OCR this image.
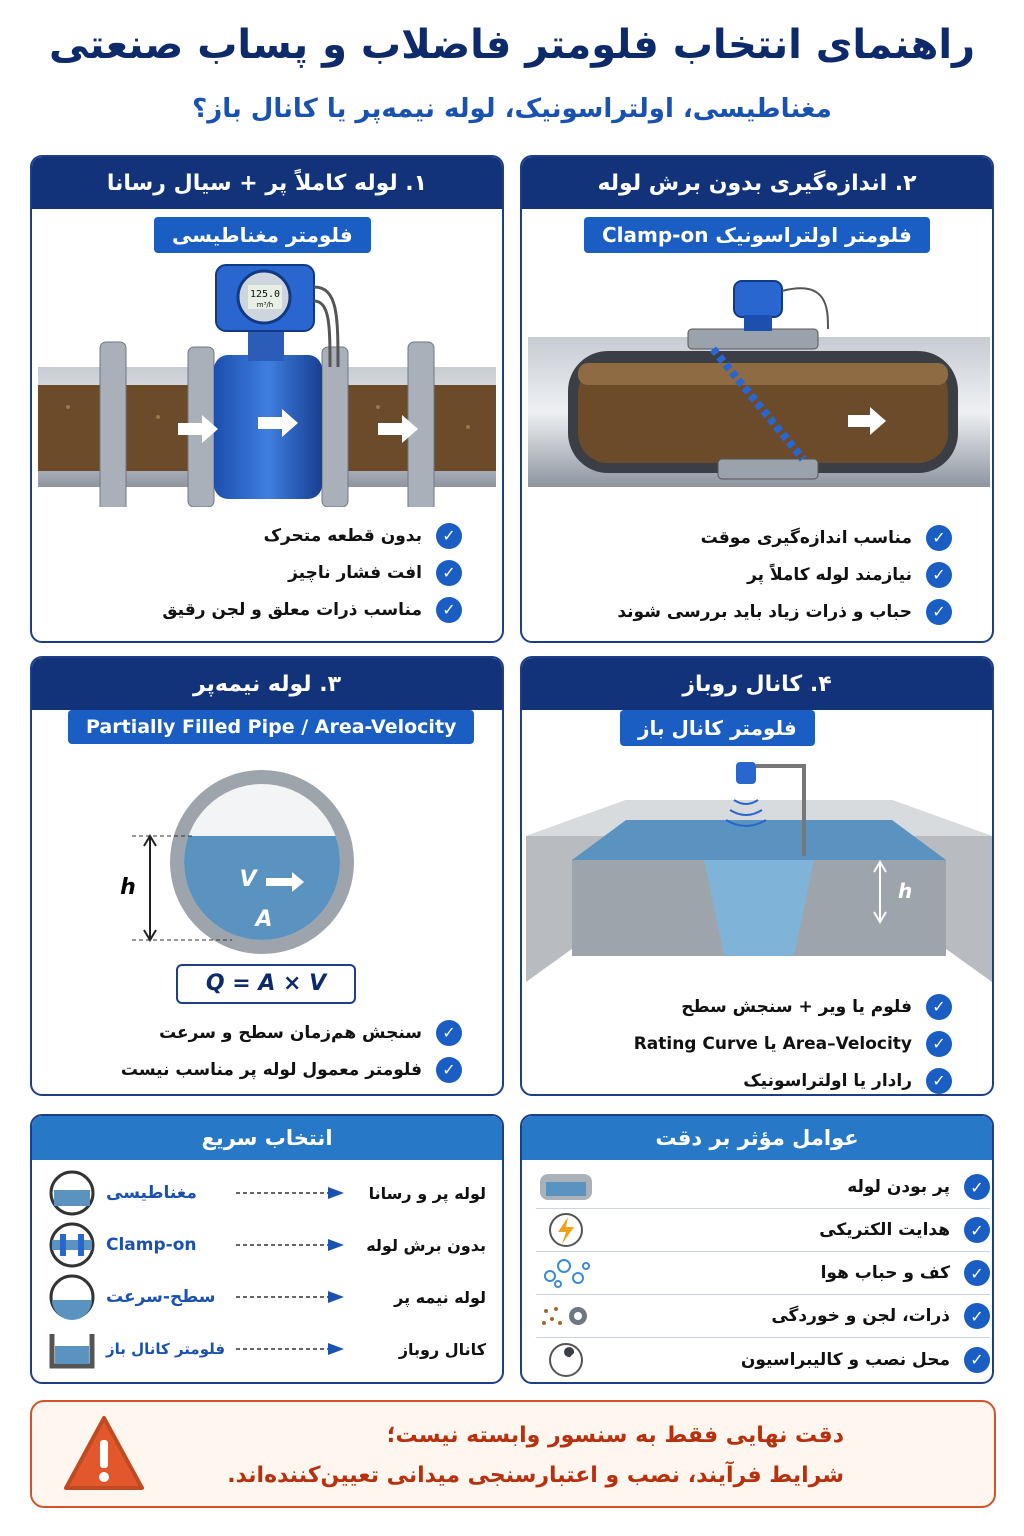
راهنمای انتخاب فلومتر فاضلاب و پساب صنعتی
مغناطیسی، اولتراسونیک، لوله نیمه‌پر یا کانال باز؟
۱. لوله کاملاً پر + سیال رسانا
فلومتر مغناطیسی
125.0
m³/h
✓
بدون قطعه متحرک
✓
افت فشار ناچیز
✓
مناسب ذرات معلق و لجن رقیق
۲. اندازه‌گیری بدون برش لوله
فلومتر اولتراسونیک Clamp-on
✓
مناسب اندازه‌گیری موقت
✓
نیازمند لوله کاملاً پر
✓
حباب و ذرات زیاد باید بررسی شوند
۳. لوله نیمه‌پر
Partially Filled Pipe / Area-Velocity
h	V
A
Q = A × V
✓
سنجش هم‌زمان سطح و سرعت
✓
فلومتر معمول لوله پر مناسب نیست
۴. کانال روباز
فلومتر کانال باز
h
✓
فلوم یا ویر + سنجش سطح
✓
Area–Velocity یا Rating Curve
✓
رادار یا اولتراسونیک
انتخاب سریع
مغناطیسی	لوله پر و رسانا
Clamp-on	بدون برش لوله
سطح-سرعت	لوله نیمه پر
فلومتر کانال باز	کانال روباز
عوامل مؤثر بر دقت
پر بودن لوله	✓
هدایت الکتریکی	✓
کف و حباب هوا	✓
ذرات، لجن و خوردگی	✓
محل نصب و کالیبراسیون	✓
دقت نهایی فقط به سنسور وابسته نیست؛
شرایط فرآیند، نصب و اعتبارسنجی میدانی تعیین‌کننده‌اند.
